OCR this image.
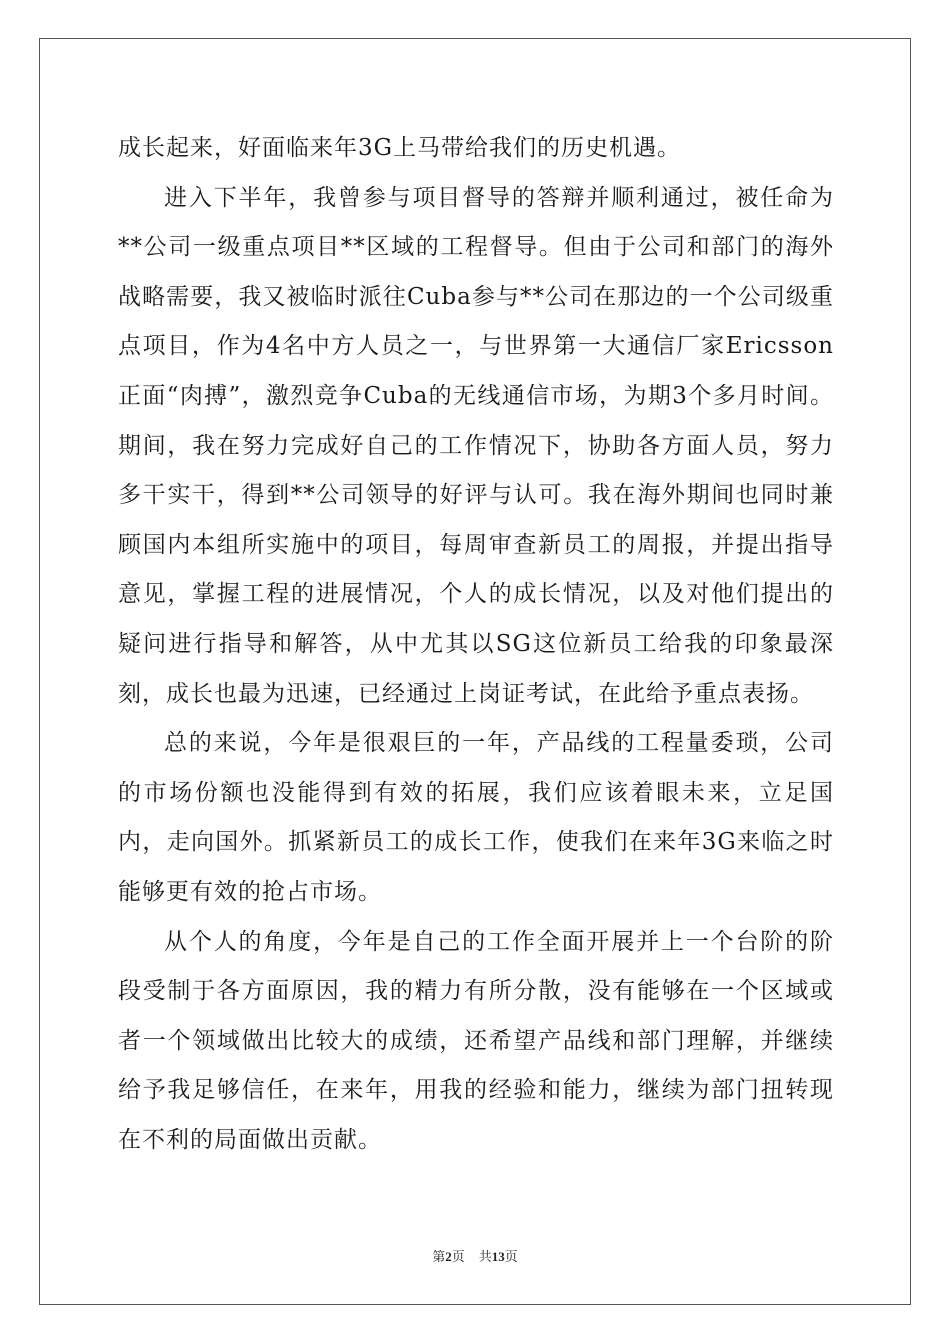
成长起来，好面临来年3G上马带给我们的历史机遇。

进入下半年，我曾参与项目督导的答辩并顺利通过，被任命为**公司一级重点项目**区域的工程督导。但由于公司和部门的海外战略需要，我又被临时派往Cuba参与**公司在那边的一个公司级重点项目，作为4名中方人员之一，与世界第一大通信厂家Ericsson正面“肉搏”，激烈竞争Cuba的无线通信市场，为期3个多月时间。期间，我在努力完成好自己的工作情况下，协助各方面人员，努力多干实干，得到**公司领导的好评与认可。我在海外期间也同时兼顾国内本组所实施中的项目，每周审查新员工的周报，并提出指导意见，掌握工程的进展情况，个人的成长情况，以及对他们提出的疑问进行指导和解答，从中尤其以SG这位新员工给我的印象最深刻，成长也最为迅速，已经通过上岗证考试，在此给予重点表扬。

总的来说，今年是很艰巨的一年，产品线的工程量委琐，公司的市场份额也没能得到有效的拓展，我们应该着眼未来，立足国内，走向国外。抓紧新员工的成长工作，使我们在来年3G来临之时能够更有效的抢占市场。

从个人的角度，今年是自己的工作全面开展并上一个台阶的阶段受制于各方面原因，我的精力有所分散，没有能够在一个区域或者一个领域做出比较大的成绩，还希望产品线和部门理解，并继续给予我足够信任，在来年，用我的经验和能力，继续为部门扭转现在不利的局面做出贡献。

第2页 共13页
